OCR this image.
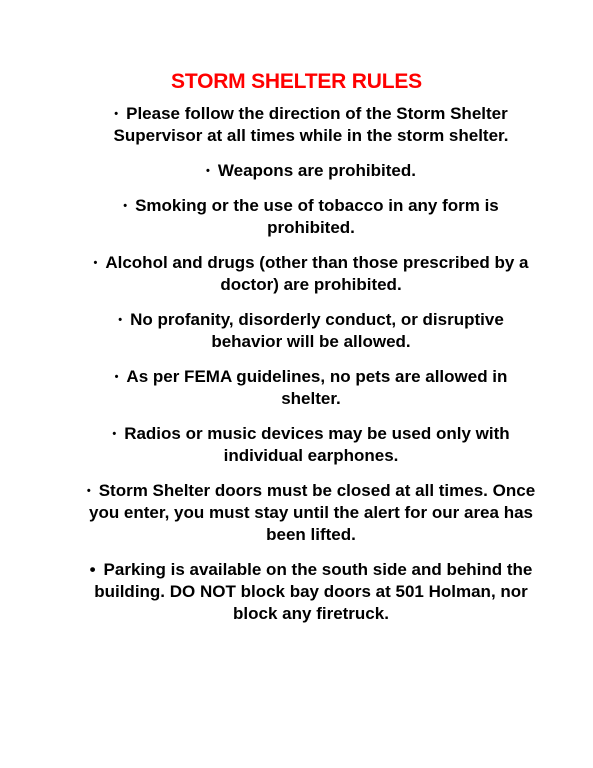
STORM SHELTER RULES
• Please follow the direction of the Storm Shelter Supervisor at all times while in the storm shelter.
• Weapons are prohibited.
• Smoking or the use of tobacco in any form is prohibited.
• Alcohol and drugs (other than those prescribed by a doctor) are prohibited.
• No profanity, disorderly conduct, or disruptive behavior will be allowed.
• As per FEMA guidelines, no pets are allowed in shelter.
• Radios or music devices may be used only with individual earphones.
• Storm Shelter doors must be closed at all times. Once you enter, you must stay until the alert for our area has been lifted.
• Parking is available on the south side and behind the building. DO NOT block bay doors at 501 Holman, nor block any firetruck.
